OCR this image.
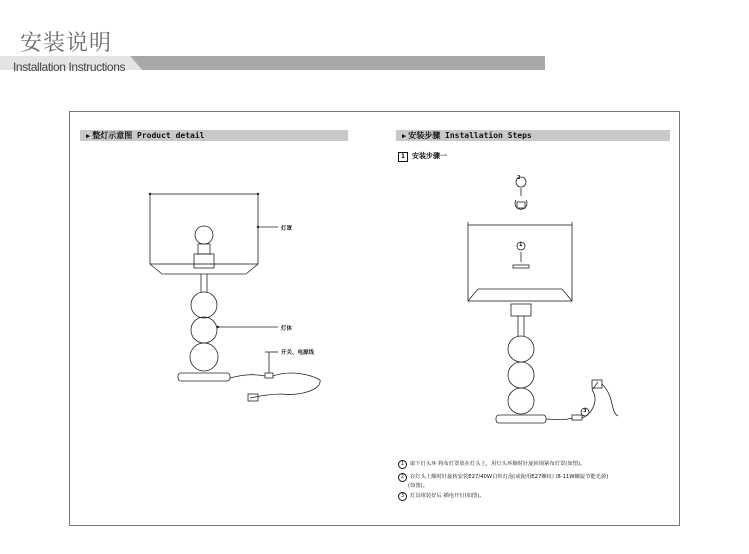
安装说明
Installation Instructions
▶ 整灯示意图 Product detail	▶ 安装步骤 Installation Steps
灯罩
灯体
开关、电源线
1 安装步骤一
2
1
3
1 取下灯头环 将布灯罩放在灯头上，用灯头环顺时针旋转锁紧布灯罩(如图)。
2 在灯头上顺时针旋转安装E27/40W白炽灯泡(或使用E27螺纹口8-11W螺旋节能光源)
(如图)。
3 灯具组装好后 插电开灯(如图)。
